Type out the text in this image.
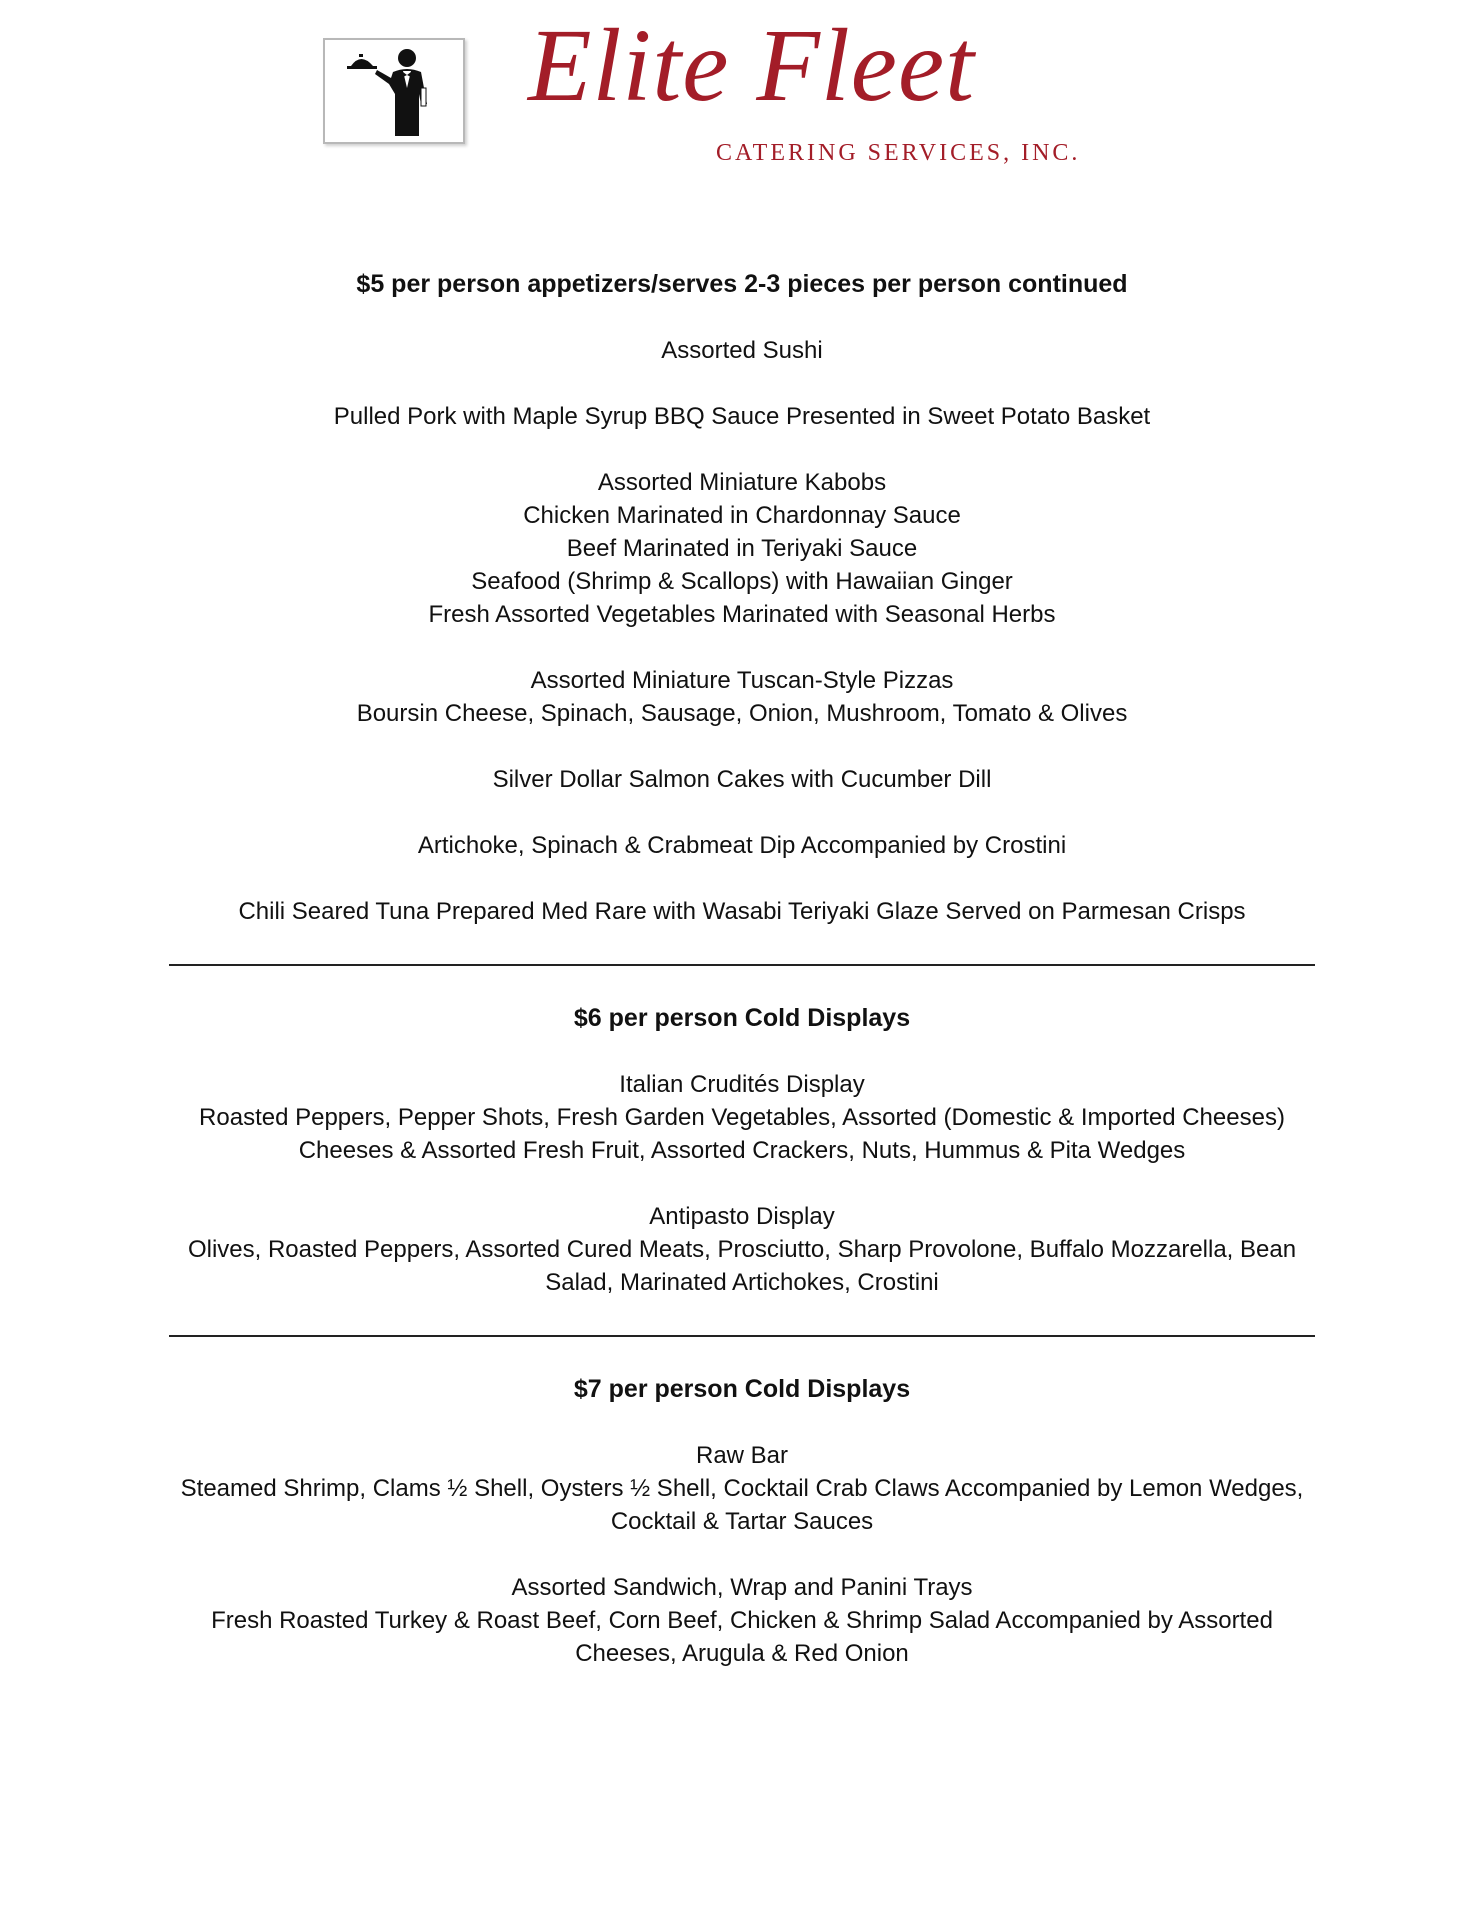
Elite Fleet
CATERING SERVICES, INC.
$5 per person appetizers/serves 2-3 pieces per person continued
Assorted Sushi
Pulled Pork with Maple Syrup BBQ Sauce Presented in Sweet Potato Basket
Assorted Miniature Kabobs
Chicken Marinated in Chardonnay Sauce
Beef Marinated in Teriyaki Sauce
Seafood (Shrimp & Scallops) with Hawaiian Ginger
Fresh Assorted Vegetables Marinated with Seasonal Herbs
Assorted Miniature Tuscan-Style Pizzas
Boursin Cheese, Spinach, Sausage, Onion, Mushroom, Tomato & Olives
Silver Dollar Salmon Cakes with Cucumber Dill
Artichoke, Spinach & Crabmeat Dip Accompanied by Crostini
Chili Seared Tuna Prepared Med Rare with Wasabi Teriyaki Glaze Served on Parmesan Crisps
$6 per person Cold Displays
Italian Crudités Display
Roasted Peppers, Pepper Shots, Fresh Garden Vegetables, Assorted (Domestic & Imported Cheeses)
Cheeses & Assorted Fresh Fruit, Assorted Crackers, Nuts, Hummus & Pita Wedges
Antipasto Display
Olives, Roasted Peppers, Assorted Cured Meats, Prosciutto, Sharp Provolone, Buffalo Mozzarella, Bean
Salad, Marinated Artichokes, Crostini
$7 per person Cold Displays
Raw Bar
Steamed Shrimp, Clams ½ Shell, Oysters ½ Shell, Cocktail Crab Claws Accompanied by Lemon Wedges,
Cocktail & Tartar Sauces
Assorted Sandwich, Wrap and Panini Trays
Fresh Roasted Turkey & Roast Beef, Corn Beef, Chicken & Shrimp Salad Accompanied by Assorted
Cheeses, Arugula & Red Onion
